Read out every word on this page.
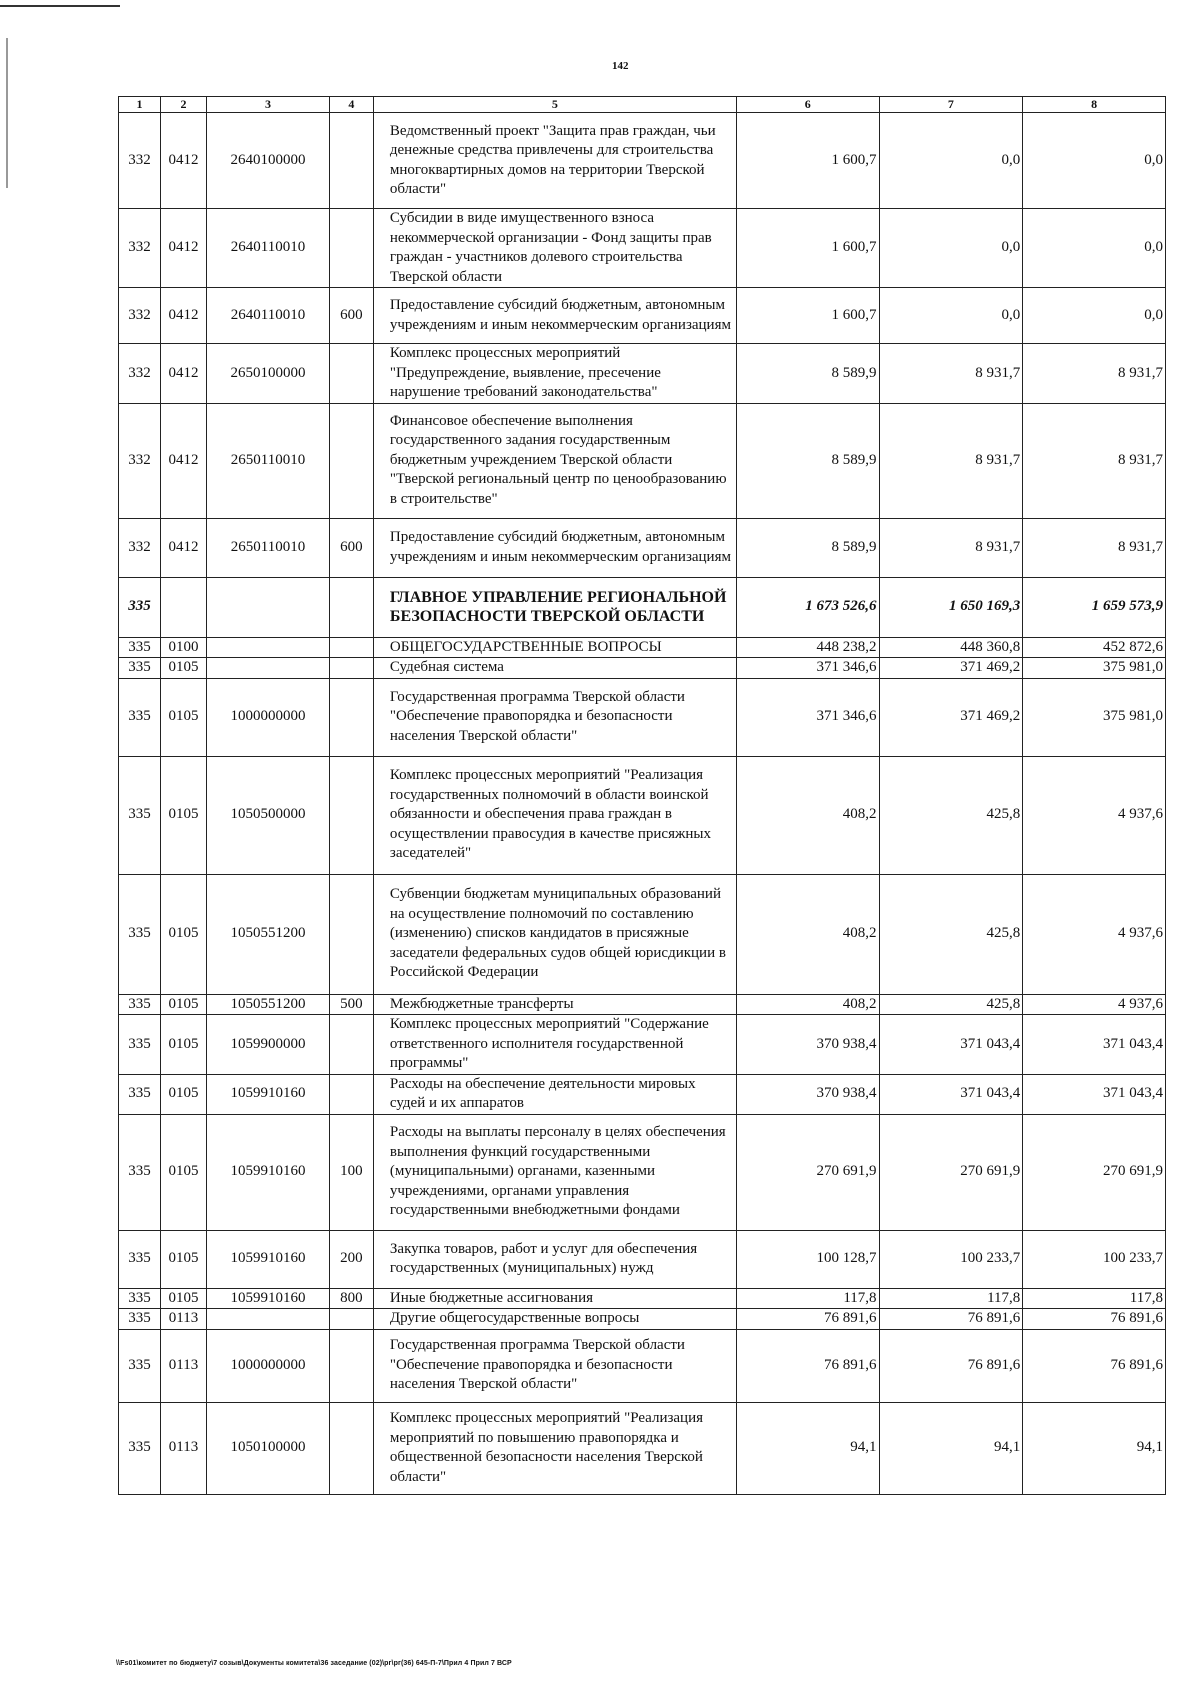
142
1	2	3	4	5	6	7	8
332	0412	2640100000		Ведомственный проект "Защита прав граждан, чьи денежные средства привлечены для строительства многоквартирных домов на территории Тверской области"	1 600,7	0,0	0,0
332	0412	2640110010		Субсидии в виде имущественного взноса некоммерческой организации - Фонд защиты прав граждан - участников долевого строительства Тверской области	1 600,7	0,0	0,0
332	0412	2640110010	600	Предоставление субсидий бюджетным, автономным учреждениям и иным некоммерческим организациям	1 600,7	0,0	0,0
332	0412	2650100000		Комплекс процессных мероприятий "Предупреждение, выявление, пресечение нарушение требований законодательства"	8 589,9	8 931,7	8 931,7
332	0412	2650110010		Финансовое обеспечение выполнения государственного задания государственным бюджетным учреждением Тверской области "Тверской региональный центр по ценообразованию в строительстве"	8 589,9	8 931,7	8 931,7
332	0412	2650110010	600	Предоставление субсидий бюджетным, автономным учреждениям и иным некоммерческим организациям	8 589,9	8 931,7	8 931,7
335				ГЛАВНОЕ УПРАВЛЕНИЕ РЕГИОНАЛЬНОЙ БЕЗОПАСНОСТИ ТВЕРСКОЙ ОБЛАСТИ	1 673 526,6	1 650 169,3	1 659 573,9
335	0100			ОБЩЕГОСУДАРСТВЕННЫЕ ВОПРОСЫ	448 238,2	448 360,8	452 872,6
335	0105			Судебная система	371 346,6	371 469,2	375 981,0
335	0105	1000000000		Государственная программа Тверской области "Обеспечение правопорядка и безопасности населения Тверской области"	371 346,6	371 469,2	375 981,0
335	0105	1050500000		Комплекс процессных мероприятий "Реализация государственных полномочий в области воинской обязанности и обеспечения права граждан в осуществлении правосудия в качестве присяжных заседателей"	408,2	425,8	4 937,6
335	0105	1050551200		Субвенции бюджетам муниципальных образований на осуществление полномочий по составлению (изменению) списков кандидатов в присяжные заседатели федеральных судов общей юрисдикции в Российской Федерации	408,2	425,8	4 937,6
335	0105	1050551200	500	Межбюджетные трансферты	408,2	425,8	4 937,6
335	0105	1059900000		Комплекс процессных мероприятий "Содержание ответственного исполнителя государственной программы"	370 938,4	371 043,4	371 043,4
335	0105	1059910160		Расходы на обеспечение деятельности мировых судей и их аппаратов	370 938,4	371 043,4	371 043,4
335	0105	1059910160	100	Расходы на выплаты персоналу в целях обеспечения выполнения функций государственными (муниципальными) органами, казенными учреждениями, органами управления государственными внебюджетными фондами	270 691,9	270 691,9	270 691,9
335	0105	1059910160	200	Закупка товаров, работ и услуг для обеспечения государственных (муниципальных) нужд	100 128,7	100 233,7	100 233,7
335	0105	1059910160	800	Иные бюджетные ассигнования	117,8	117,8	117,8
335	0113			Другие общегосударственные вопросы	76 891,6	76 891,6	76 891,6
335	0113	1000000000		Государственная программа Тверской области "Обеспечение правопорядка и безопасности населения Тверской области"	76 891,6	76 891,6	76 891,6
335	0113	1050100000		Комплекс процессных мероприятий "Реализация мероприятий по повышению правопорядка и общественной безопасности населения Тверской области"	94,1	94,1	94,1
\\Fs01\комитет по бюджету\7 созыв\Документы комитета\36 заседание (02)\рг\рг(36) 645-П-7\Прил 4 Прил 7 ВСР
